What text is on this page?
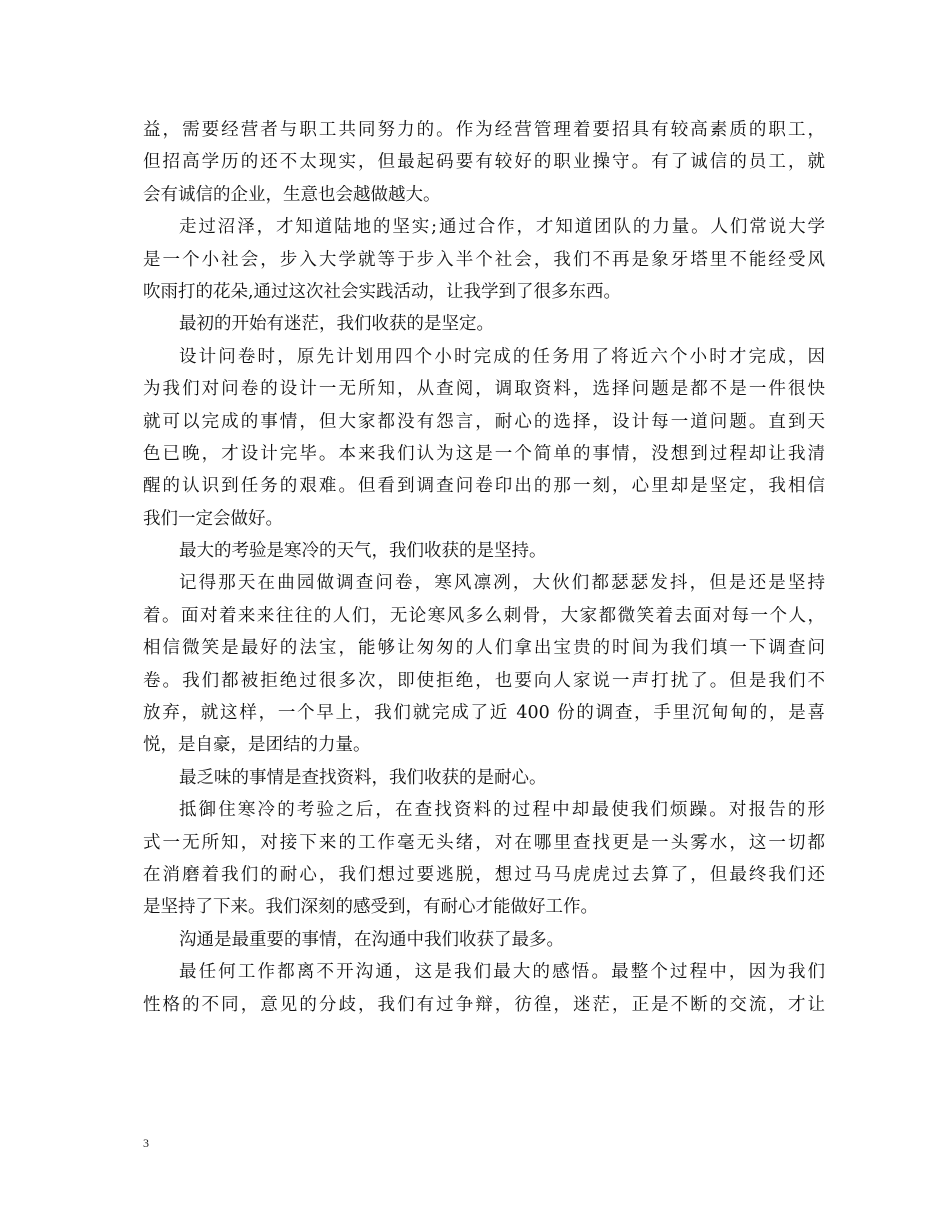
益，需要经营者与职工共同努力的。作为经营管理着要招具有较高素质的职工，
但招高学历的还不太现实，但最起码要有较好的职业操守。有了诚信的员工，就
会有诚信的企业，生意也会越做越大。
走过沼泽，才知道陆地的坚实;通过合作，才知道团队的力量。人们常说大学
是一个小社会，步入大学就等于步入半个社会，我们不再是象牙塔里不能经受风
吹雨打的花朵,通过这次社会实践活动，让我学到了很多东西。
最初的开始有迷茫，我们收获的是坚定。
设计问卷时，原先计划用四个小时完成的任务用了将近六个小时才完成，因
为我们对问卷的设计一无所知，从查阅，调取资料，选择问题是都不是一件很快
就可以完成的事情，但大家都没有怨言，耐心的选择，设计每一道问题。直到天
色已晚，才设计完毕。本来我们认为这是一个简单的事情，没想到过程却让我清
醒的认识到任务的艰难。但看到调查问卷印出的那一刻，心里却是坚定，我相信
我们一定会做好。
最大的考验是寒冷的天气，我们收获的是坚持。
记得那天在曲园做调查问卷，寒风凛冽，大伙们都瑟瑟发抖，但是还是坚持
着。面对着来来往往的人们，无论寒风多么刺骨，大家都微笑着去面对每一个人，
相信微笑是最好的法宝，能够让匆匆的人们拿出宝贵的时间为我们填一下调查问
卷。我们都被拒绝过很多次，即使拒绝，也要向人家说一声打扰了。但是我们不
放弃，就这样，一个早上，我们就完成了近 400 份的调查，手里沉甸甸的，是喜
悦，是自豪，是团结的力量。
最乏味的事情是查找资料，我们收获的是耐心。
抵御住寒冷的考验之后，在查找资料的过程中却最使我们烦躁。对报告的形
式一无所知，对接下来的工作毫无头绪，对在哪里查找更是一头雾水，这一切都
在消磨着我们的耐心，我们想过要逃脱，想过马马虎虎过去算了，但最终我们还
是坚持了下来。我们深刻的感受到，有耐心才能做好工作。
沟通是最重要的事情，在沟通中我们收获了最多。
最任何工作都离不开沟通，这是我们最大的感悟。最整个过程中，因为我们
性格的不同，意见的分歧，我们有过争辩，彷徨，迷茫，正是不断的交流，才让
3
